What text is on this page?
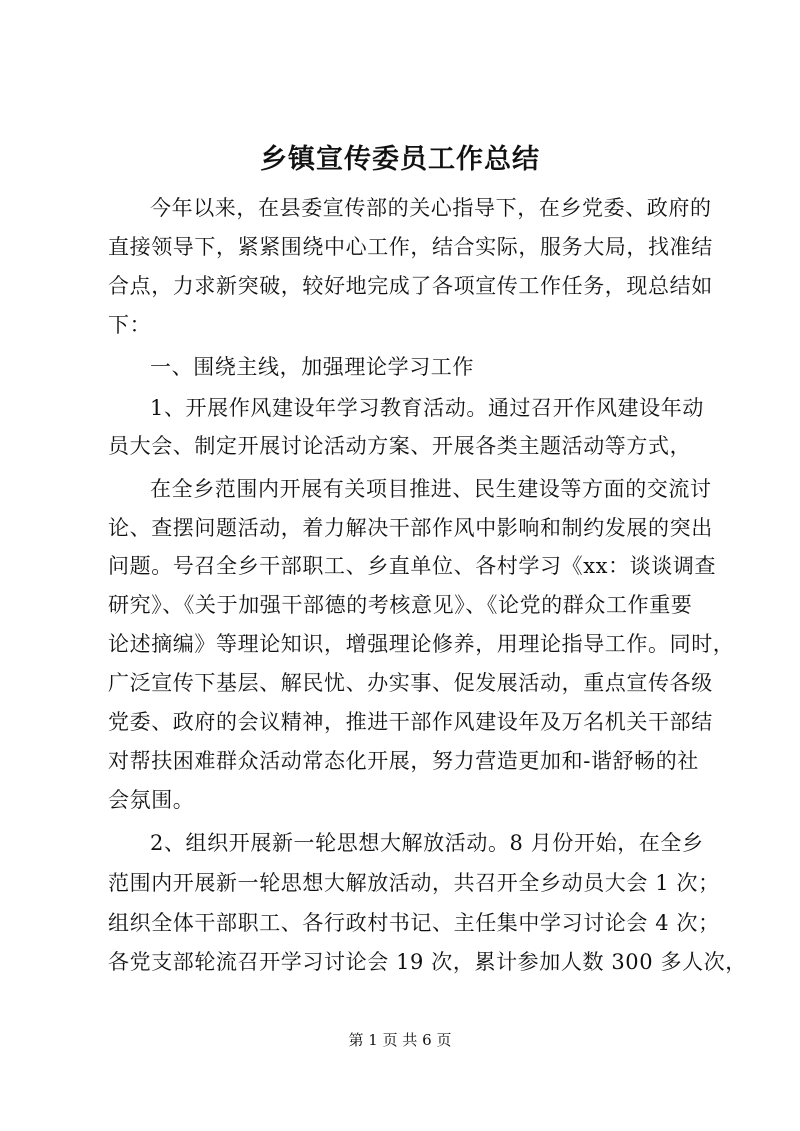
乡镇宣传委员工作总结
今年以来，在县委宣传部的关心指导下，在乡党委、政府的
直接领导下，紧紧围绕中心工作，结合实际，服务大局，找准结
合点，力求新突破，较好地完成了各项宣传工作任务，现总结如
下：
一、围绕主线，加强理论学习工作
1、开展作风建设年学习教育活动。通过召开作风建设年动
员大会、制定开展讨论活动方案、开展各类主题活动等方式，
在全乡范围内开展有关项目推进、民生建设等方面的交流讨
论、查摆问题活动，着力解决干部作风中影响和制约发展的突出
问题。号召全乡干部职工、乡直单位、各村学习《xx：谈谈调查
研究》、《关于加强干部德的考核意见》、《论党的群众工作重要
论述摘编》等理论知识，增强理论修养，用理论指导工作。同时，
广泛宣传下基层、解民忧、办实事、促发展活动，重点宣传各级
党委、政府的会议精神，推进干部作风建设年及万名机关干部结
对帮扶困难群众活动常态化开展，努力营造更加和-谐舒畅的社
会氛围。
2、组织开展新一轮思想大解放活动。8 月份开始，在全乡
范围内开展新一轮思想大解放活动，共召开全乡动员大会 1 次；
组织全体干部职工、各行政村书记、主任集中学习讨论会 4 次；
各党支部轮流召开学习讨论会 19 次，累计参加人数 300 多人次，
第 1 页 共 6 页
